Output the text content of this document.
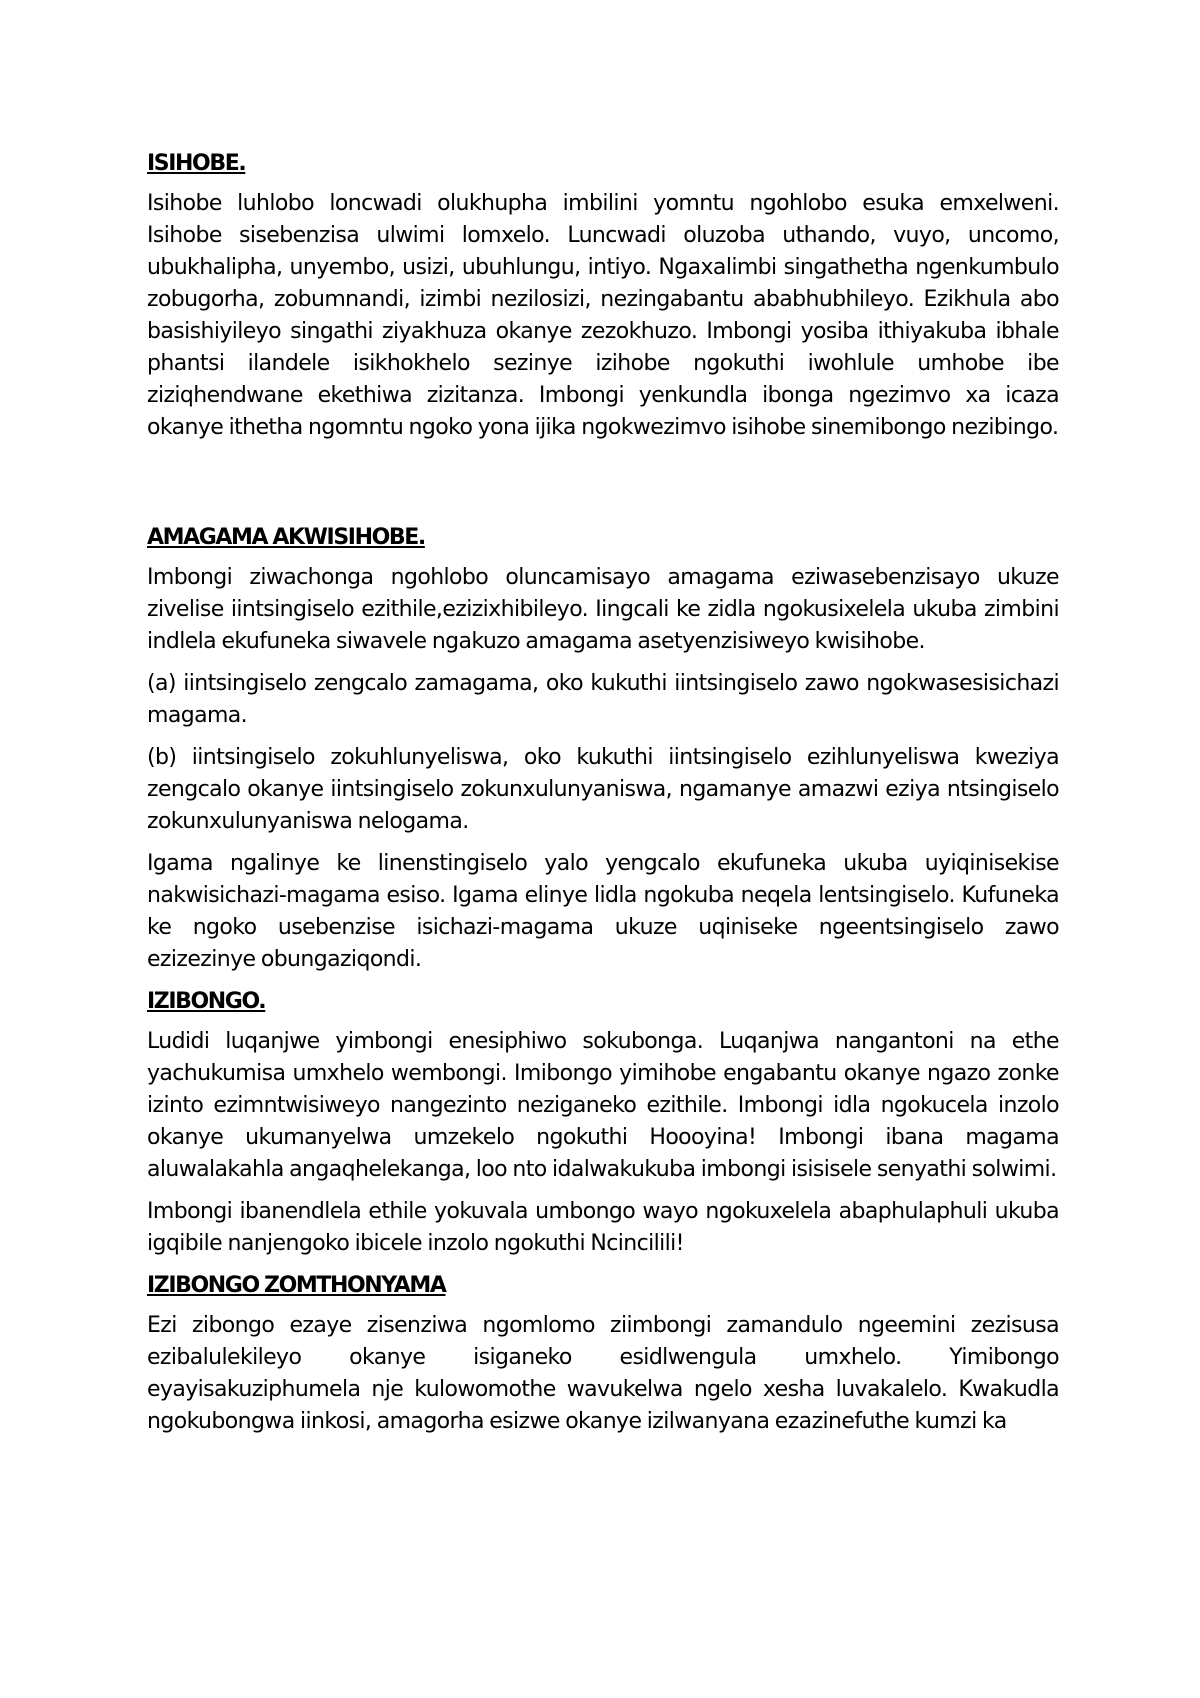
ISIHOBE.

Isihobe luhlobo loncwadi olukhupha imbilini yomntu ngohlobo esuka emxelweni. Isihobe sisebenzisa ulwimi lomxelo. Luncwadi oluzoba uthando, vuyo, uncomo, ubukhalipha, unyembo, usizi, ubuhlungu, intiyo. Ngaxalimbi singathetha ngenkumbulo zobugorha, zobumnandi, izimbi nezilosizi, nezingabantu ababhubhileyo. Ezikhula abo basishiyileyo singathi ziyakhuza okanye zezokhuzo. Imbongi yosiba ithiyakuba ibhale phantsi ilandele isikhokhelo sezinye izihobe ngokuthi iwohlule umhobe ibe ziziqhendwane ekethiwa zizitanza. Imbongi yenkundla ibonga ngezimvo xa icaza okanye ithetha ngomntu ngoko yona ijika ngokwezimvo isihobe sinemibongo nezibingo.

AMAGAMA AKWISIHOBE.

Imbongi ziwachonga ngohlobo oluncamisayo amagama eziwasebenzisayo ukuze zivelise iintsingiselo ezithile,ezizixhibileyo. Iingcali ke zidla ngokusixelela ukuba zimbini indlela ekufuneka siwavele ngakuzo amagama asetyenzisiweyo kwisihobe.

(a) iintsingiselo zengcalo zamagama, oko kukuthi iintsingiselo zawo ngokwasesisichazi magama.

(b) iintsingiselo zokuhlunyeliswa, oko kukuthi iintsingiselo ezihlunyeliswa kweziya zengcalo okanye iintsingiselo zokunxulunyaniswa, ngamanye amazwi eziya ntsingiselo zokunxulunyaniswa nelogama.

Igama ngalinye ke linenstingiselo yalo yengcalo ekufuneka ukuba uyiqinisekise nakwisichazi-magama esiso. Igama elinye lidla ngokuba neqela lentsingiselo. Kufuneka ke ngoko usebenzise isichazi-magama ukuze uqiniseke ngeentsingiselo zawo ezizezinye obungaziqondi.

IZIBONGO.

Ludidi luqanjwe yimbongi enesiphiwo sokubonga. Luqanjwa nangantoni na ethe yachukumisa umxhelo wembongi. Imibongo yimihobe engabantu okanye ngazo zonke izinto ezimntwisiweyo nangezinto neziganeko ezithile. Imbongi idla ngokucela inzolo okanye ukumanyelwa umzekelo ngokuthi Hoooyina! Imbongi ibana magama aluwalakahla angaqhelekanga, loo nto idalwakukuba imbongi isisisele senyathi solwimi.

Imbongi ibanendlela ethile yokuvala umbongo wayo ngokuxelela abaphulaphuli ukuba igqibile nanjengoko ibicele inzolo ngokuthi Ncincilili!

IZIBONGO ZOMTHONYAMA

Ezi zibongo ezaye zisenziwa ngomlomo ziimbongi zamandulo ngeemini zezisusa ezibalulekileyo okanye isiganeko esidlwengula umxhelo. Yimibongo eyayisakuziphumela nje kulowomothe wavukelwa ngelo xesha luvakalelo. Kwakudla ngokubongwa iinkosi, amagorha esizwe okanye izilwanyana ezazinefuthe kumzi ka
